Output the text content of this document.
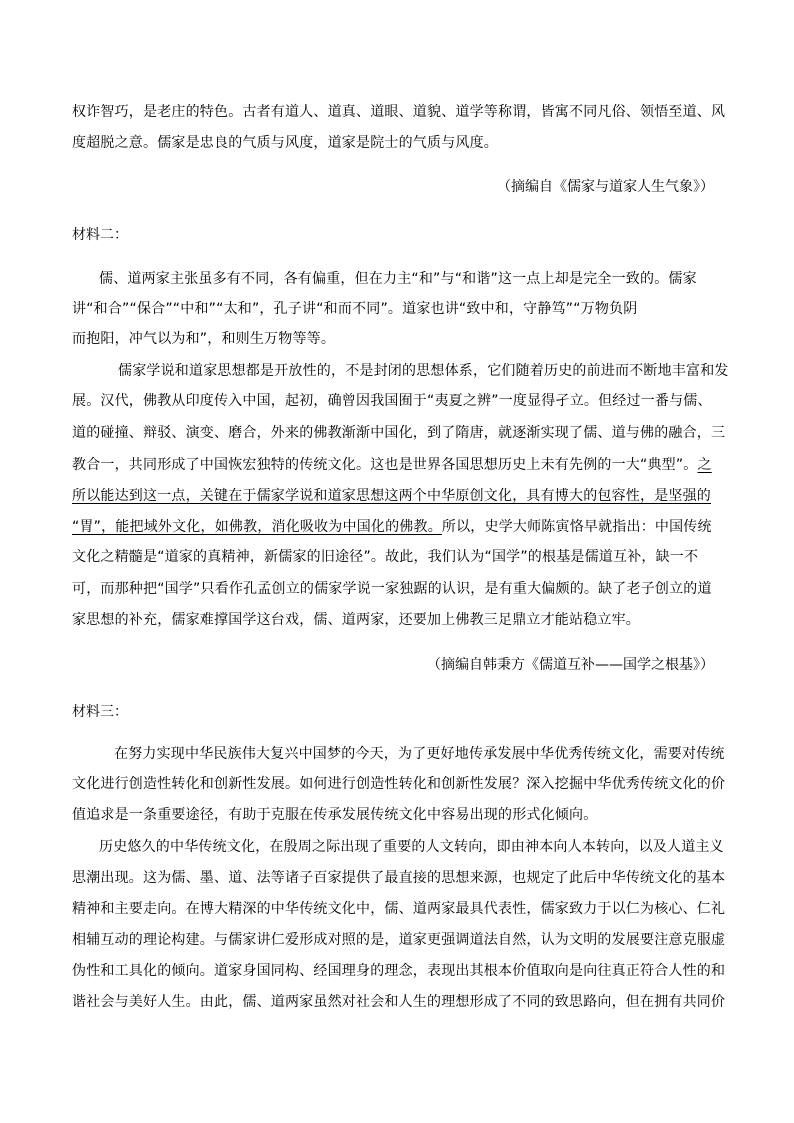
权诈智巧，是老庄的特色。古者有道人、道真、道眼、道貌、道学等称谓，皆寓不同凡俗、领悟至道、风
度超脱之意。儒家是忠良的气质与风度，道家是院士的气质与风度。
（摘编自《儒家与道家人生气象》）
材料二：
儒、道两家主张虽多有不同，各有偏重，但在力主“和”与“和谐”这一点上却是完全一致的。儒家
讲“和合”“保合”“中和”“太和”，孔子讲“和而不同”。道家也讲“致中和，守静笃”“万物负阴
而抱阳，冲气以为和”，和则生万物等等。
儒家学说和道家思想都是开放性的，不是封闭的思想体系，它们随着历史的前进而不断地丰富和发
展。汉代，佛教从印度传入中国，起初，确曾因我国囿于“夷夏之辨”一度显得孑立。但经过一番与儒、
道的碰撞、辩驳、演变、磨合，外来的佛教渐渐中国化，到了隋唐，就逐渐实现了儒、道与佛的融合，三
教合一，共同形成了中国恢宏独特的传统文化。这也是世界各国思想历史上未有先例的一大“典型”。之
所以能达到这一点，关键在于儒家学说和道家思想这两个中华原创文化，具有博大的包容性，是坚强的
“胃”，能把域外文化，如佛教，消化吸收为中国化的佛教。所以，史学大师陈寅恪早就指出：中国传统
文化之精髓是“道家的真精神，新儒家的旧途径”。故此，我们认为“国学”的根基是儒道互补，缺一不
可，而那种把“国学”只看作孔孟创立的儒家学说一家独踞的认识，是有重大偏颇的。缺了老子创立的道
家思想的补充，儒家难撑国学这台戏，儒、道两家，还要加上佛教三足鼎立才能站稳立牢。
（摘编自韩秉方《儒道互补——国学之根基》）
材料三：
在努力实现中华民族伟大复兴中国梦的今天，为了更好地传承发展中华优秀传统文化，需要对传统
文化进行创造性转化和创新性发展。如何进行创造性转化和创新性发展？深入挖掘中华优秀传统文化的价
值追求是一条重要途径，有助于克服在传承发展传统文化中容易出现的形式化倾向。
历史悠久的中华传统文化，在殷周之际出现了重要的人文转向，即由神本向人本转向，以及人道主义
思潮出现。这为儒、墨、道、法等诸子百家提供了最直接的思想来源，也规定了此后中华传统文化的基本
精神和主要走向。在博大精深的中华传统文化中，儒、道两家最具代表性，儒家致力于以仁为核心、仁礼
相辅互动的理论构建。与儒家讲仁爱形成对照的是，道家更强调道法自然，认为文明的发展要注意克服虚
伪性和工具化的倾向。道家身国同构、经国理身的理念，表现出其根本价值取向是向往真正符合人性的和
谐社会与美好人生。由此，儒、道两家虽然对社会和人生的理想形成了不同的致思路向，但在拥有共同价
